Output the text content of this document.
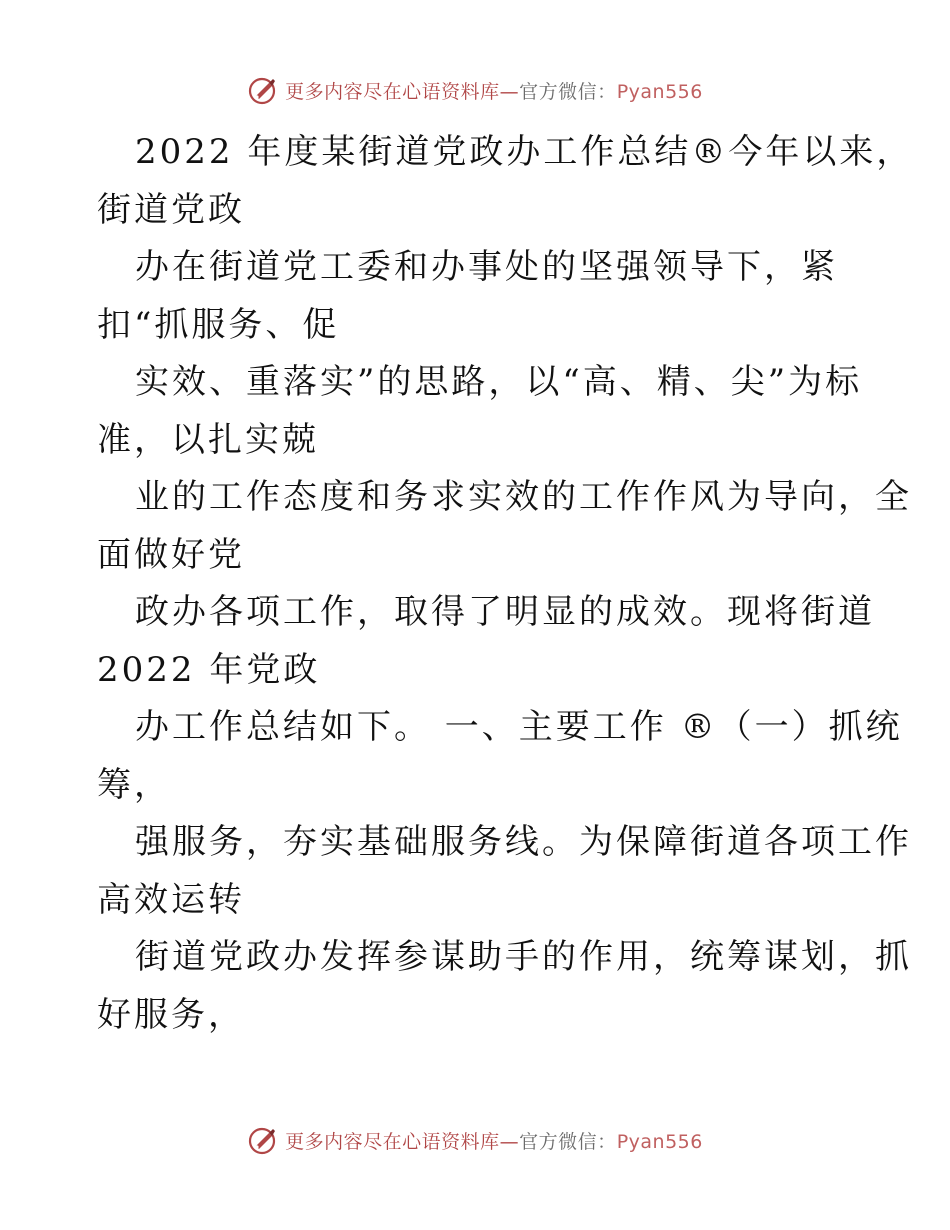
更多内容尽在心语资料库—官方微信：Pyan556
2022 年度某街道党政办工作总结®今年以来，
街道党政
办在街道党工委和办事处的坚强领导下，紧
扣“抓服务、促
实效、重落实”的思路，以“高、精、尖”为标
准，以扎实兢
业的工作态度和务求实效的工作作风为导向，全
面做好党
政办各项工作，取得了明显的成效。现将街道
2022 年党政
办工作总结如下。 一、主要工作 ®（一）抓统
筹，
强服务，夯实基础服务线。为保障街道各项工作
高效运转
街道党政办发挥参谋助手的作用，统筹谋划，抓
好服务，
更多内容尽在心语资料库—官方微信：Pyan556
